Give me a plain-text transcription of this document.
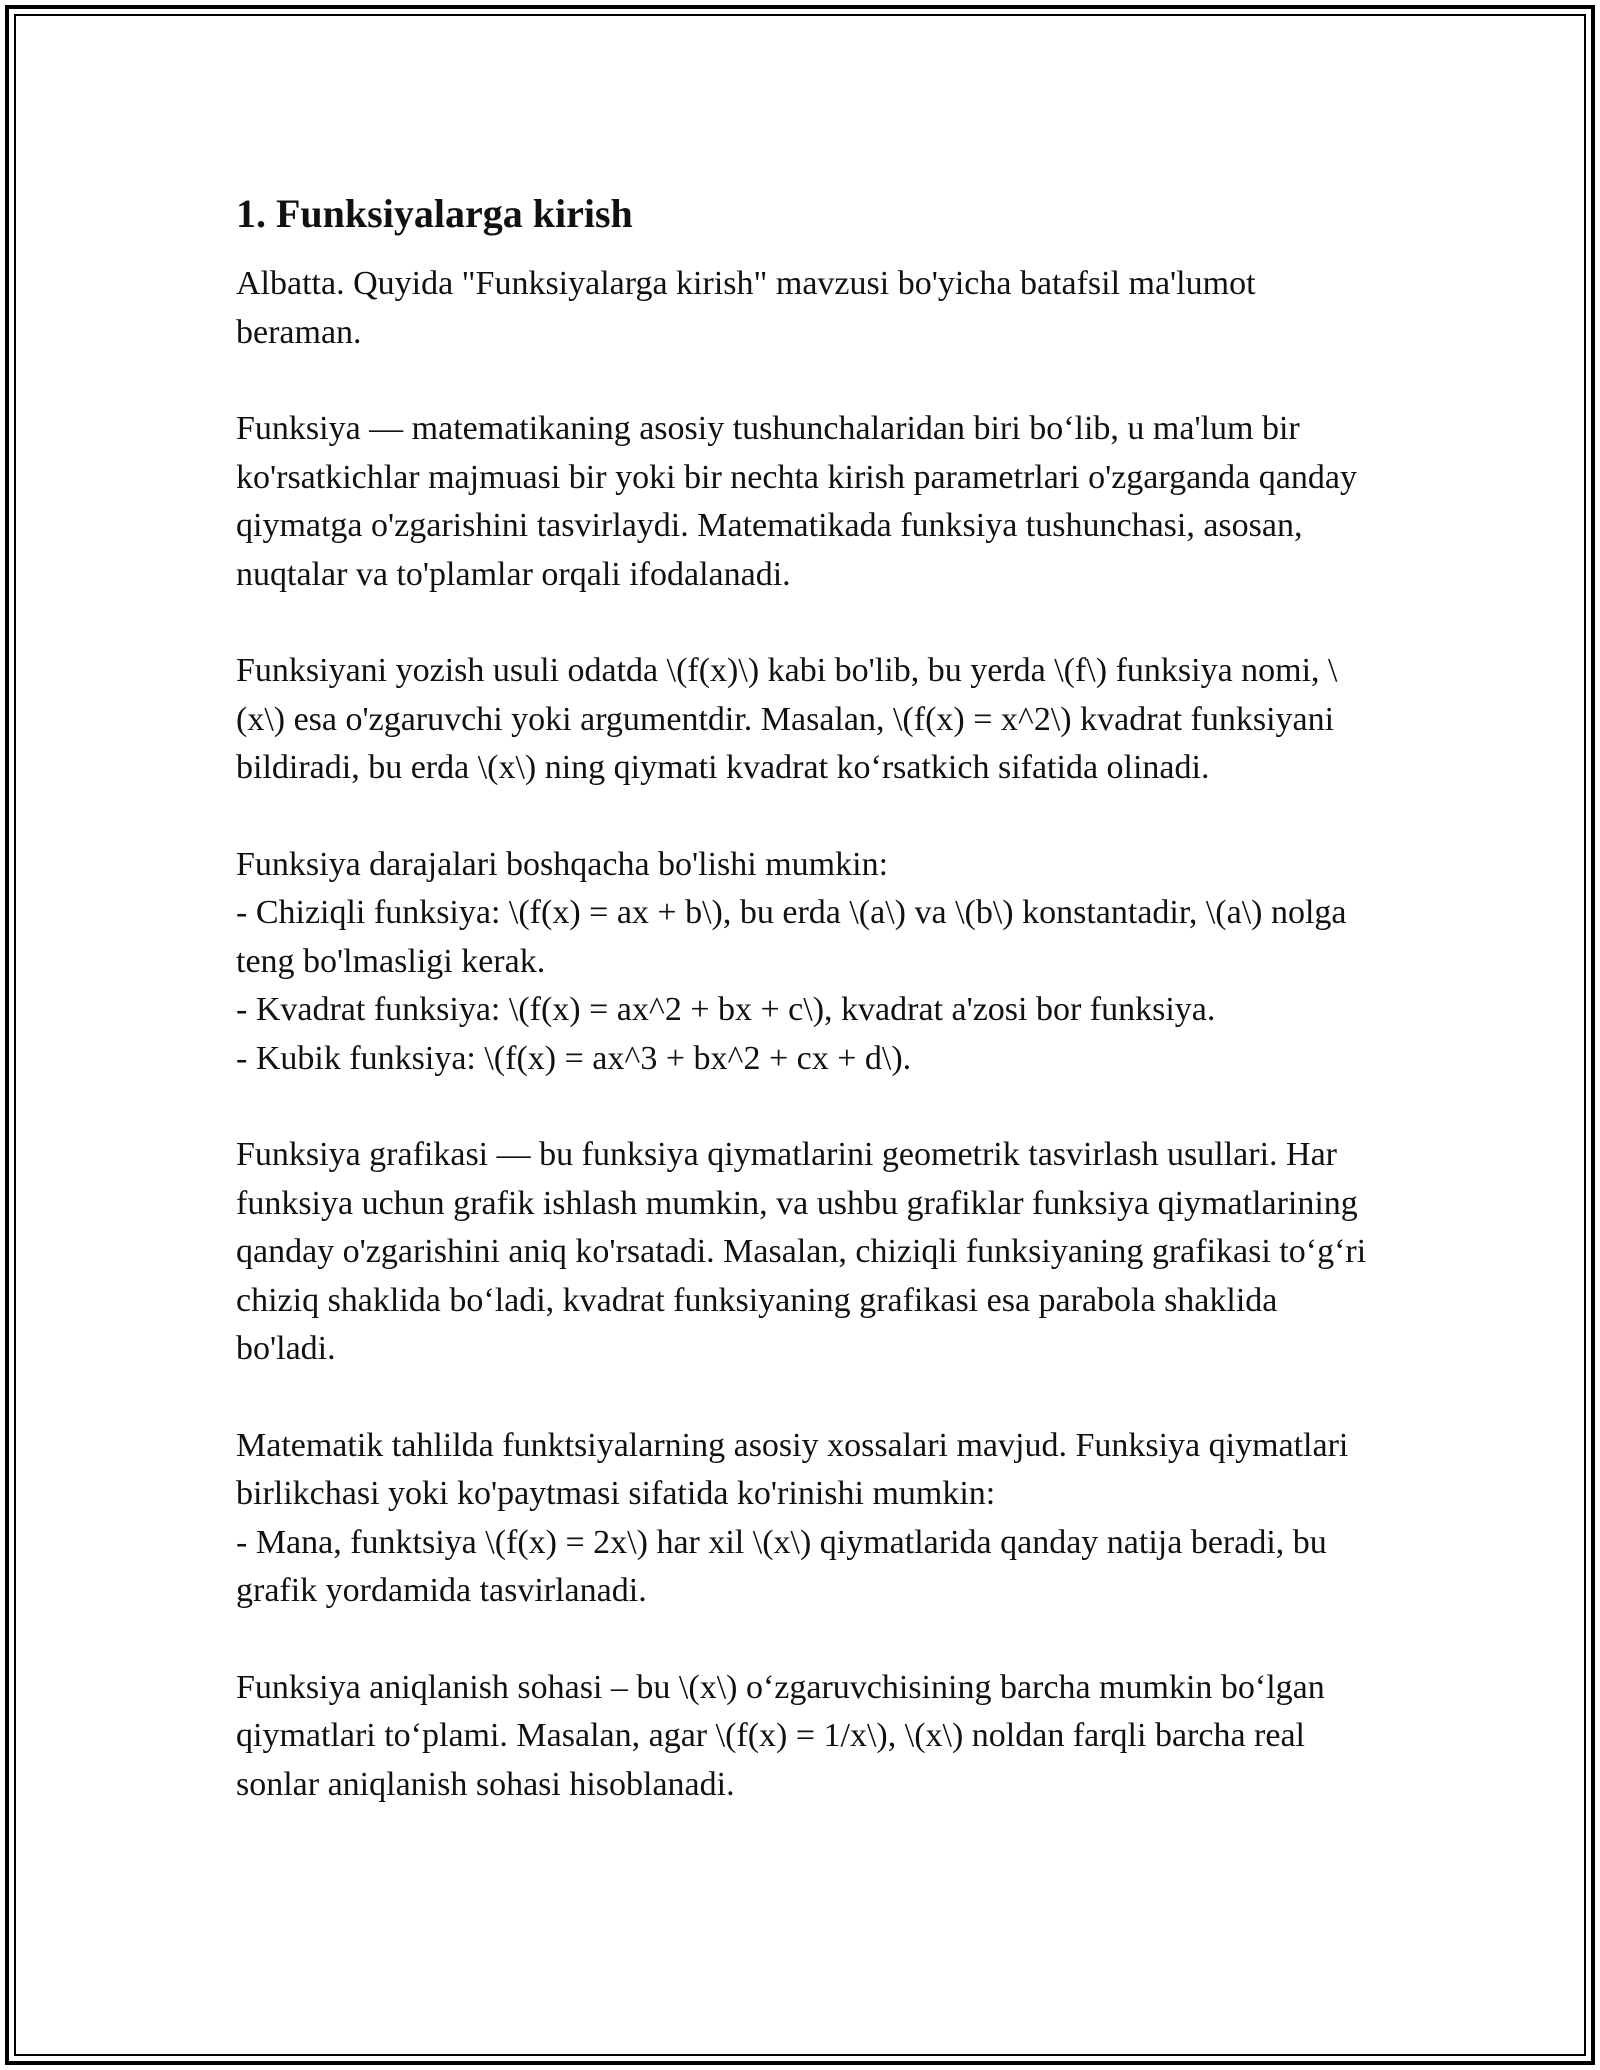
1. Funksiyalarga kirish

Albatta. Quyida "Funksiyalarga kirish" mavzusi bo'yicha batafsil ma'lumot beraman.

Funksiya — matematikaning asosiy tushunchalaridan biri bo‘lib, u ma'lum bir ko'rsatkichlar majmuasi bir yoki bir nechta kirish parametrlari o'zgarganda qanday qiymatga o'zgarishini tasvirlaydi. Matematikada funksiya tushunchasi, asosan, nuqtalar va to'plamlar orqali ifodalanadi.

Funksiyani yozish usuli odatda \(f(x)\) kabi bo'lib, bu yerda \(f\) funksiya nomi, \(x\) esa o'zgaruvchi yoki argumentdir. Masalan, \(f(x) = x^2\) kvadrat funksiyani bildiradi, bu erda \(x\) ning qiymati kvadrat ko‘rsatkich sifatida olinadi.

Funksiya darajalari boshqacha bo'lishi mumkin:
- Chiziqli funksiya: \(f(x) = ax + b\), bu erda \(a\) va \(b\) konstantadir, \(a\) nolga teng bo'lmasligi kerak.
- Kvadrat funksiya: \(f(x) = ax^2 + bx + c\), kvadrat a'zosi bor funksiya.
- Kubik funksiya: \(f(x) = ax^3 + bx^2 + cx + d\).

Funksiya grafikasi — bu funksiya qiymatlarini geometrik tasvirlash usullari. Har funksiya uchun grafik ishlash mumkin, va ushbu grafiklar funksiya qiymatlarining qanday o'zgarishini aniq ko'rsatadi. Masalan, chiziqli funksiyaning grafikasi to‘g‘ri chiziq shaklida bo‘ladi, kvadrat funksiyaning grafikasi esa parabola shaklida bo'ladi.

Matematik tahlilda funktsiyalarning asosiy xossalari mavjud. Funksiya qiymatlari birlikchasi yoki ko'paytmasi sifatida ko'rinishi mumkin:
- Mana, funktsiya \(f(x) = 2x\) har xil \(x\) qiymatlarida qanday natija beradi, bu grafik yordamida tasvirlanadi.

Funksiya aniqlanish sohasi – bu \(x\) o‘zgaruvchisining barcha mumkin bo‘lgan qiymatlari to‘plami. Masalan, agar \(f(x) = 1/x\), \(x\) noldan farqli barcha real sonlar aniqlanish sohasi hisoblanadi.
